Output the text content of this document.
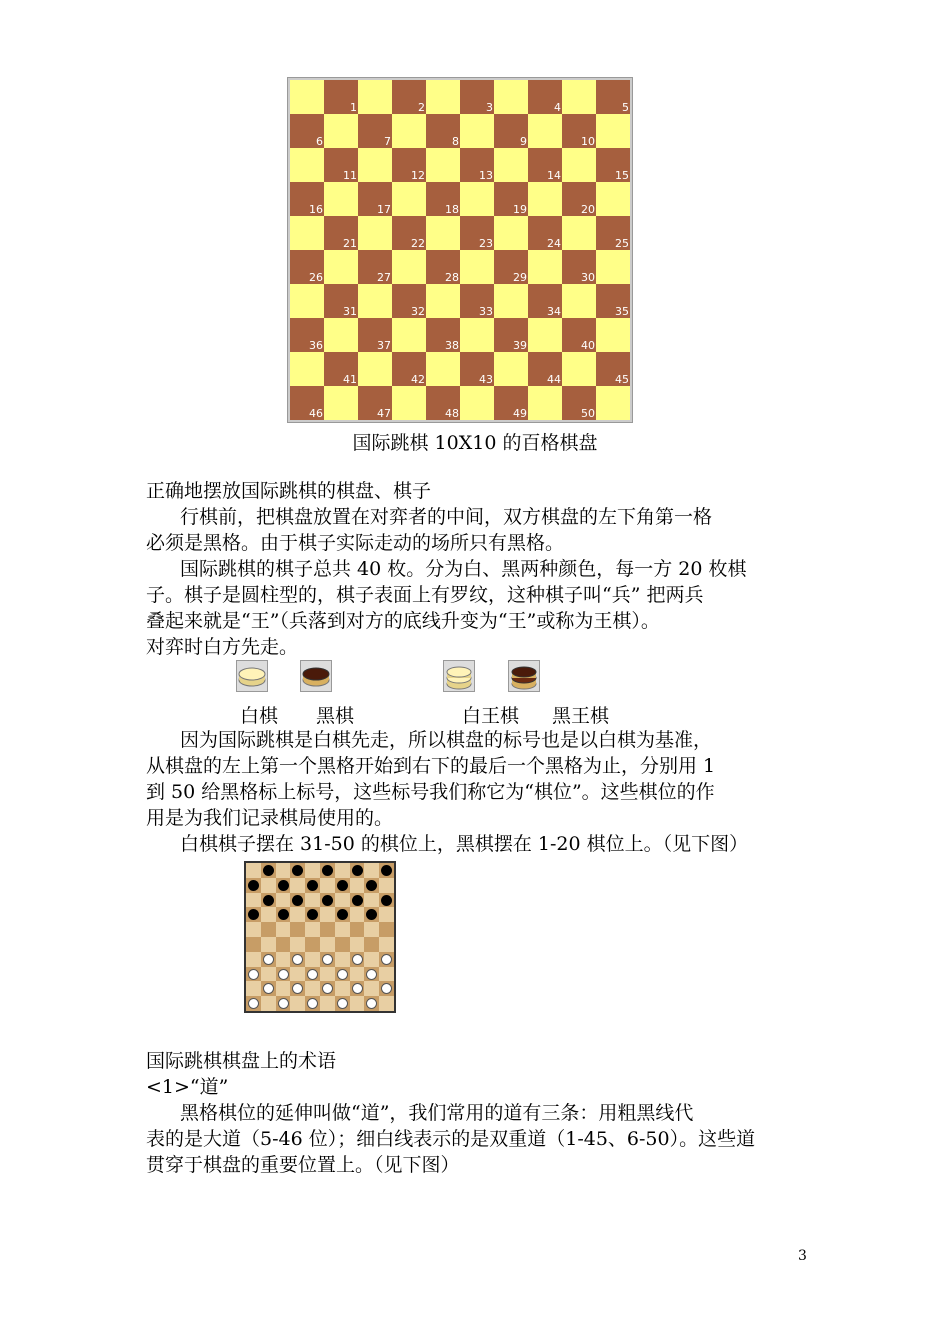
1	2	3	4	5
6	7	8	9	10
11	12	13	14	15
16	17	18	19	20
21	22	23	24	25
26	27	28	29	30
31	32	33	34	35
36	37	38	39	40
41	42	43	44	45
46	47	48	49	50
国际跳棋 10X10 的百格棋盘
正确地摆放国际跳棋的棋盘、棋子
行棋前，把棋盘放置在对弈者的中间，双方棋盘的左下角第一格
必须是黑格。由于棋子实际走动的场所只有黑格。
国际跳棋的棋子总共 40 枚。分为白、黑两种颜色，每一方 20 枚棋
子。棋子是圆柱型的，棋子表面上有罗纹，这种棋子叫“兵” 把两兵
叠起来就是“王”（兵落到对方的底线升变为“王”或称为王棋）。
对弈时白方先走。
白棋 黑棋	白王棋 黑王棋
因为国际跳棋是白棋先走，所以棋盘的标号也是以白棋为基准，
从棋盘的左上第一个黑格开始到右下的最后一个黑格为止，分别用 1
到 50 给黑格标上标号，这些标号我们称它为“棋位”。这些棋位的作
用是为我们记录棋局使用的。
白棋棋子摆在 31-50 的棋位上，黑棋摆在 1-20 棋位上。（见下图）
国际跳棋棋盘上的术语
<1>“道”
黑格棋位的延伸叫做“道”，我们常用的道有三条：用粗黑线代
表的是大道（5-46 位）；细白线表示的是双重道（1-45、6-50）。这些道
贯穿于棋盘的重要位置上。（见下图）
3
